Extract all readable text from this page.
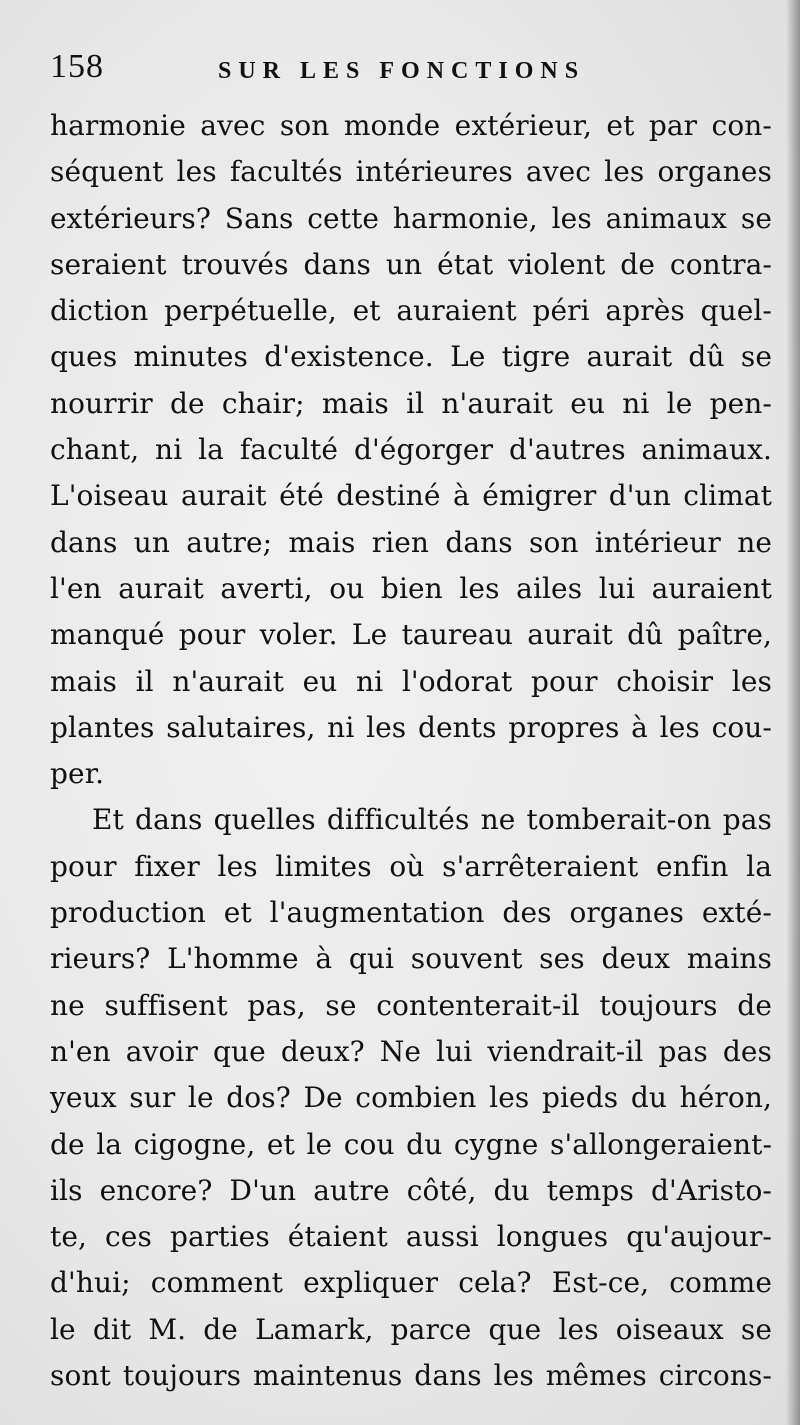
158	SUR LES FONCTIONS
harmonie avec son monde extérieur, et par con-
séquent les facultés intérieures avec les organes
extérieurs? Sans cette harmonie, les animaux se
seraient trouvés dans un état violent de contra-
diction perpétuelle, et auraient péri après quel-
ques minutes d'existence. Le tigre aurait dû se
nourrir de chair; mais il n'aurait eu ni le pen-
chant, ni la faculté d'égorger d'autres animaux.
L'oiseau aurait été destiné à émigrer d'un climat
dans un autre; mais rien dans son intérieur ne
l'en aurait averti, ou bien les ailes lui auraient
manqué pour voler. Le taureau aurait dû paître,
mais il n'aurait eu ni l'odorat pour choisir les
plantes salutaires, ni les dents propres à les cou-
per.
Et dans quelles difficultés ne tomberait-on pas
pour fixer les limites où s'arrêteraient enfin la
production et l'augmentation des organes exté-
rieurs? L'homme à qui souvent ses deux mains
ne suffisent pas, se contenterait-il toujours de
n'en avoir que deux? Ne lui viendrait-il pas des
yeux sur le dos? De combien les pieds du héron,
de la cigogne, et le cou du cygne s'allongeraient-
ils encore? D'un autre côté, du temps d'Aristo-
te, ces parties étaient aussi longues qu'aujour-
d'hui; comment expliquer cela? Est-ce, comme
le dit M. de Lamark, parce que les oiseaux se
sont toujours maintenus dans les mêmes circons-
